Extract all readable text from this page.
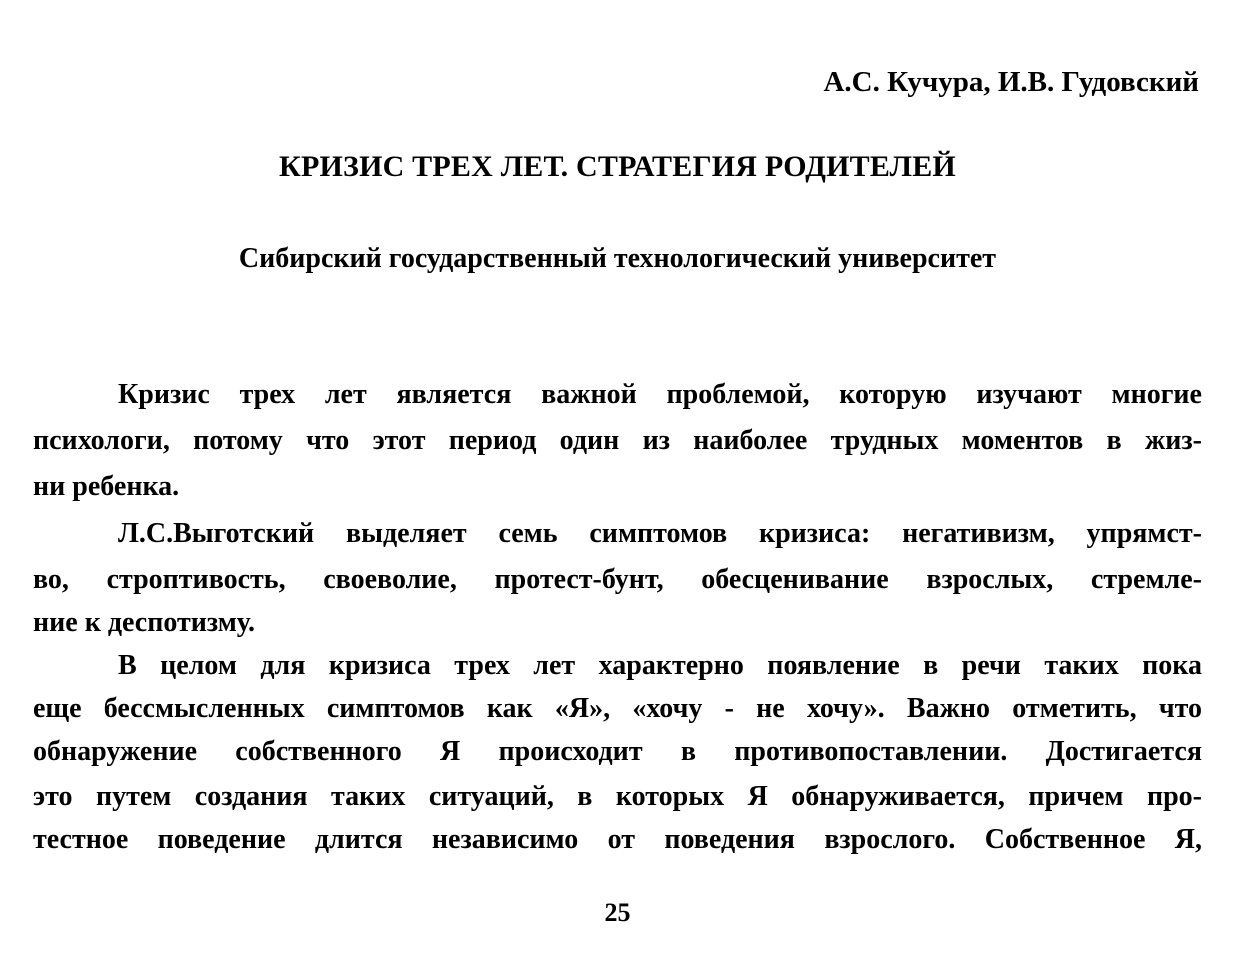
А.С. Кучура, И.В. Гудовский
КРИЗИС ТРЕХ ЛЕТ. СТРАТЕГИЯ РОДИТЕЛЕЙ
Сибирский государственный технологический университет
Кризис трех лет является важной проблемой, которую изучают многие
психологи, потому что этот период один из наиболее трудных моментов в жиз-
ни ребенка.
Л.С.Выготский выделяет семь симптомов кризиса: негативизм, упрямст-
во, строптивость, своеволие, протест-бунт, обесценивание взрослых, стремле-
ние к деспотизму.
В целом для кризиса трех лет характерно появление в речи таких пока
еще бессмысленных симптомов как «Я», «хочу - не хочу». Важно отметить, что
обнаружение собственного Я происходит в противопоставлении. Достигается
это путем создания таких ситуаций, в которых Я обнаруживается, причем про-
тестное поведение длится независимо от поведения взрослого. Собственное Я,
25
